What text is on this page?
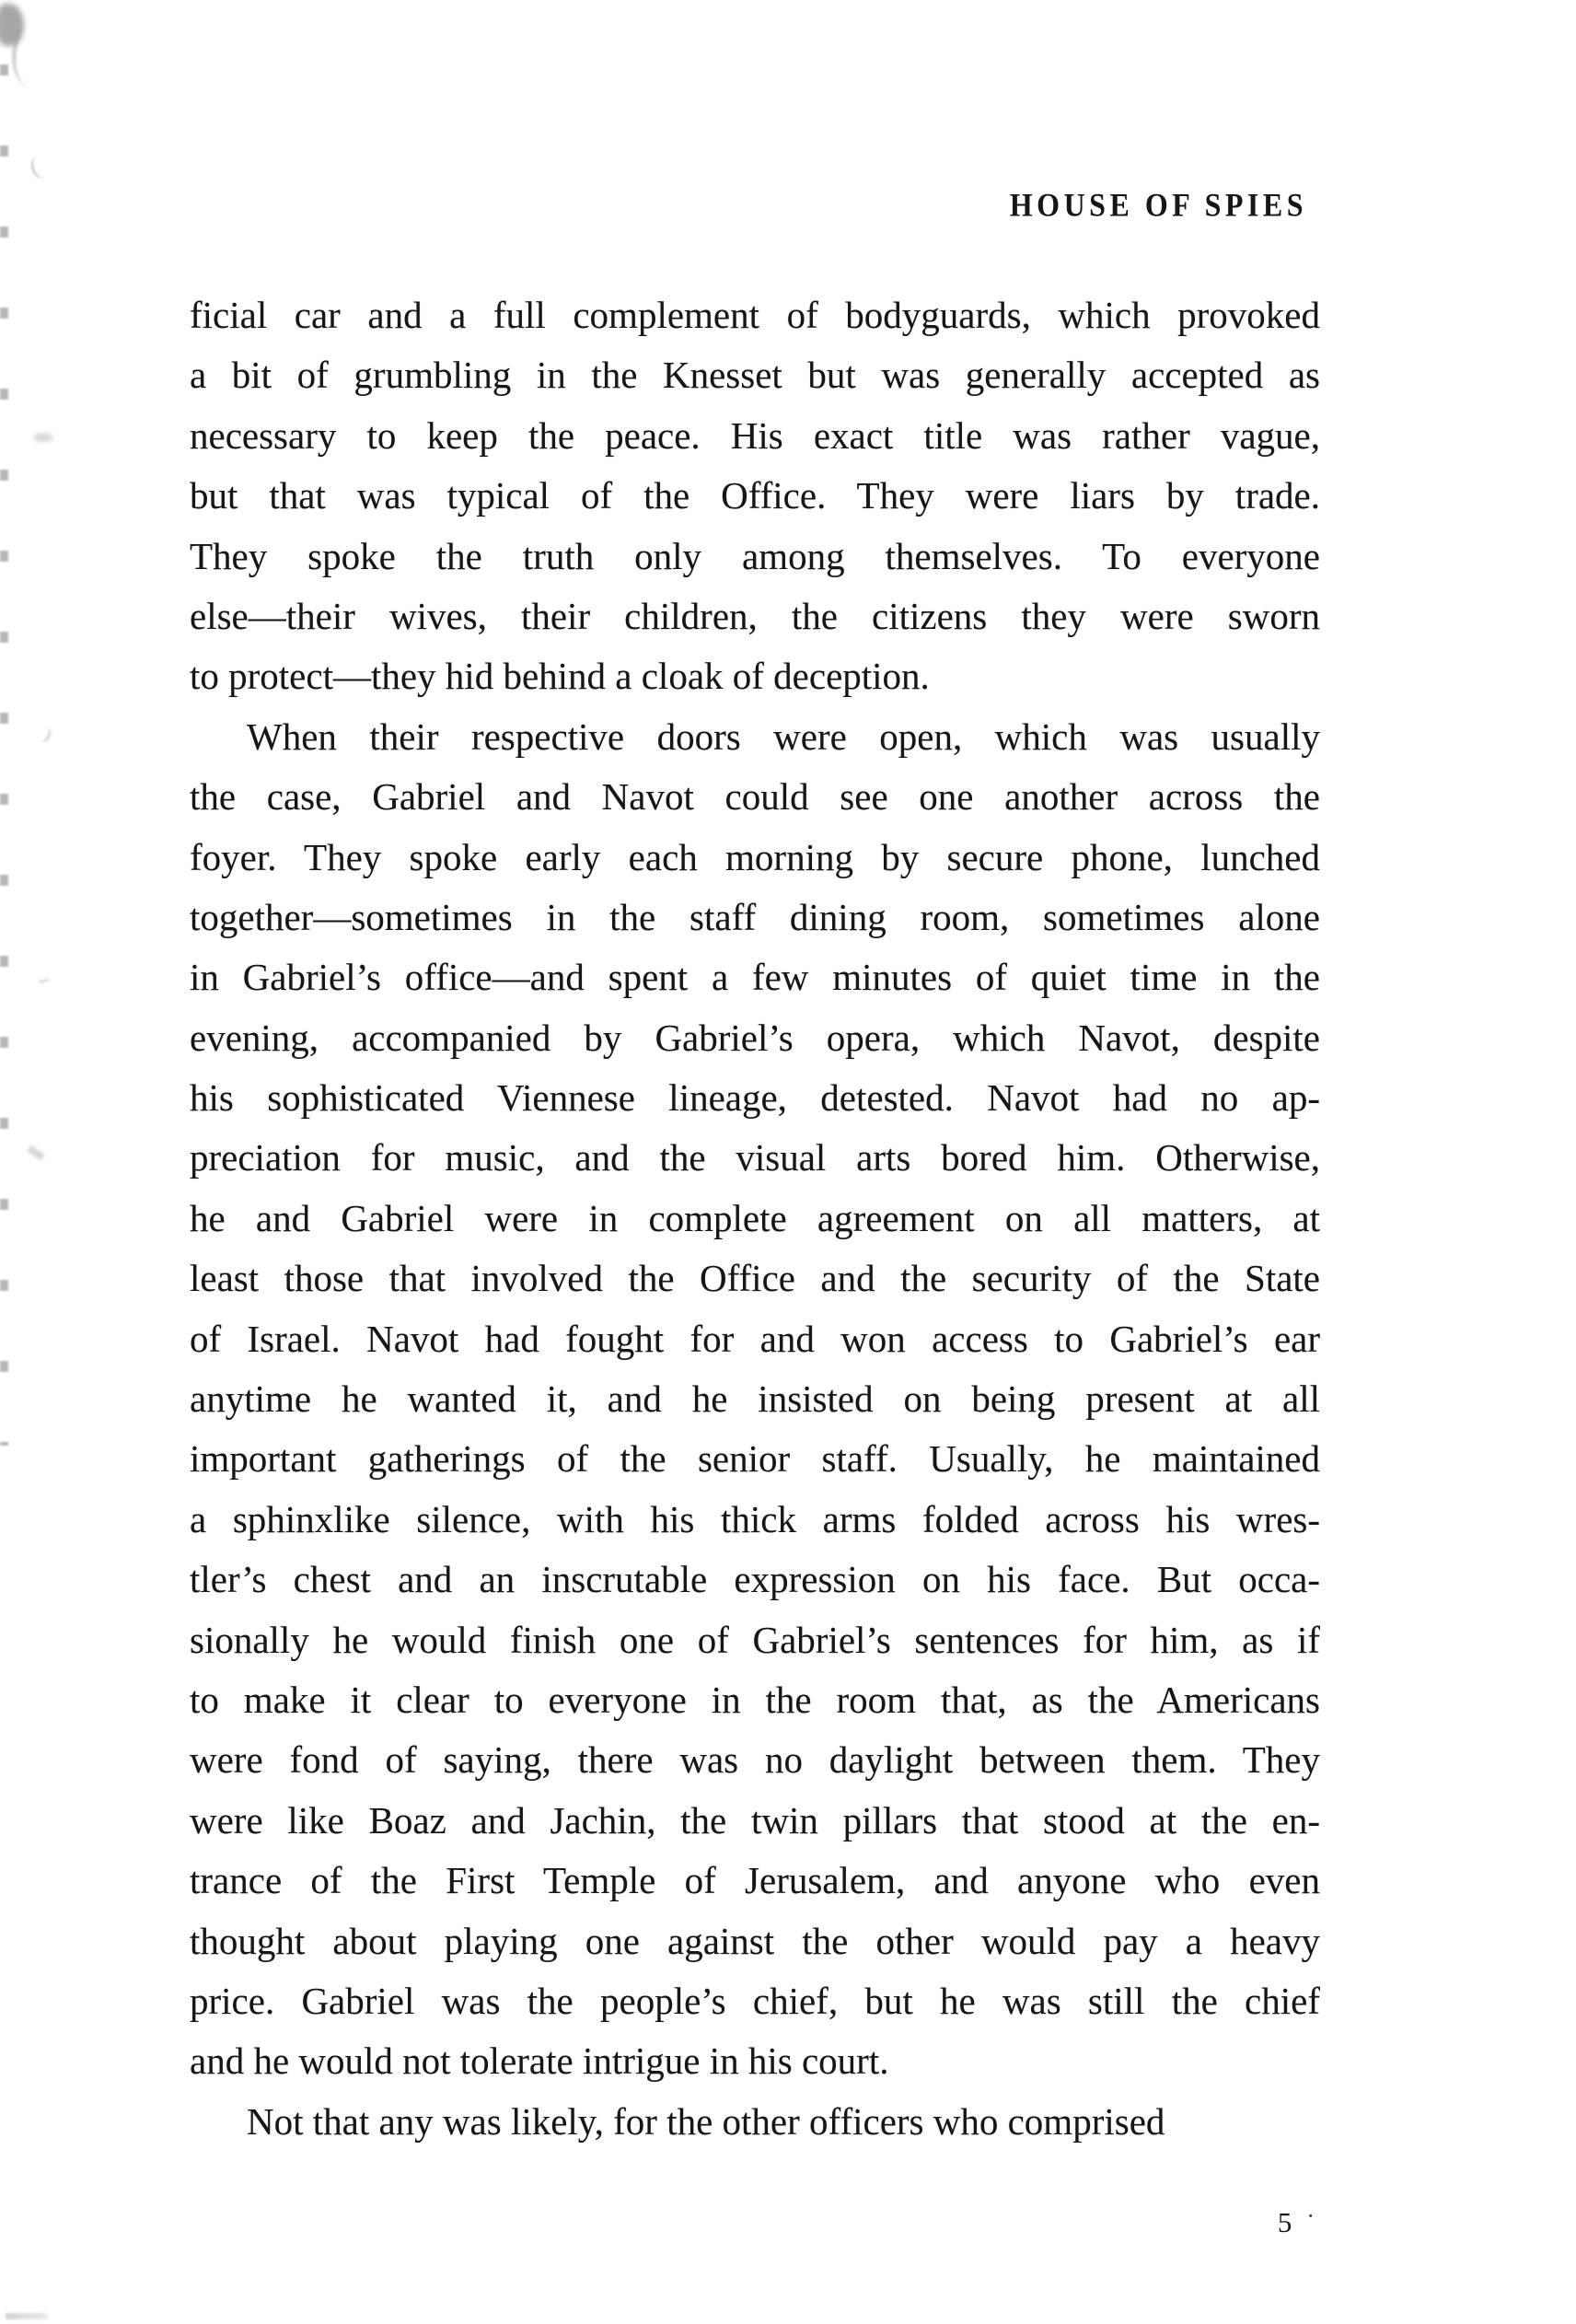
HOUSE OF SPIES
ficial car and a full complement of bodyguards, which provoked
a bit of grumbling in the Knesset but was generally accepted as
necessary to keep the peace. His exact title was rather vague,
but that was typical of the Office. They were liars by trade.
They spoke the truth only among themselves. To everyone
else—their wives, their children, the citizens they were sworn
to protect—they hid behind a cloak of deception.
When their respective doors were open, which was usually
the case, Gabriel and Navot could see one another across the
foyer. They spoke early each morning by secure phone, lunched
together—sometimes in the staff dining room, sometimes alone
in Gabriel’s office—and spent a few minutes of quiet time in the
evening, accompanied by Gabriel’s opera, which Navot, despite
his sophisticated Viennese lineage, detested. Navot had no ap-
preciation for music, and the visual arts bored him. Otherwise,
he and Gabriel were in complete agreement on all matters, at
least those that involved the Office and the security of the State
of Israel. Navot had fought for and won access to Gabriel’s ear
anytime he wanted it, and he insisted on being present at all
important gatherings of the senior staff. Usually, he maintained
a sphinxlike silence, with his thick arms folded across his wres-
tler’s chest and an inscrutable expression on his face. But occa-
sionally he would finish one of Gabriel’s sentences for him, as if
to make it clear to everyone in the room that, as the Americans
were fond of saying, there was no daylight between them. They
were like Boaz and Jachin, the twin pillars that stood at the en-
trance of the First Temple of Jerusalem, and anyone who even
thought about playing one against the other would pay a heavy
price. Gabriel was the people’s chief, but he was still the chief
and he would not tolerate intrigue in his court.
Not that any was likely, for the other officers who comprised
5 ·
